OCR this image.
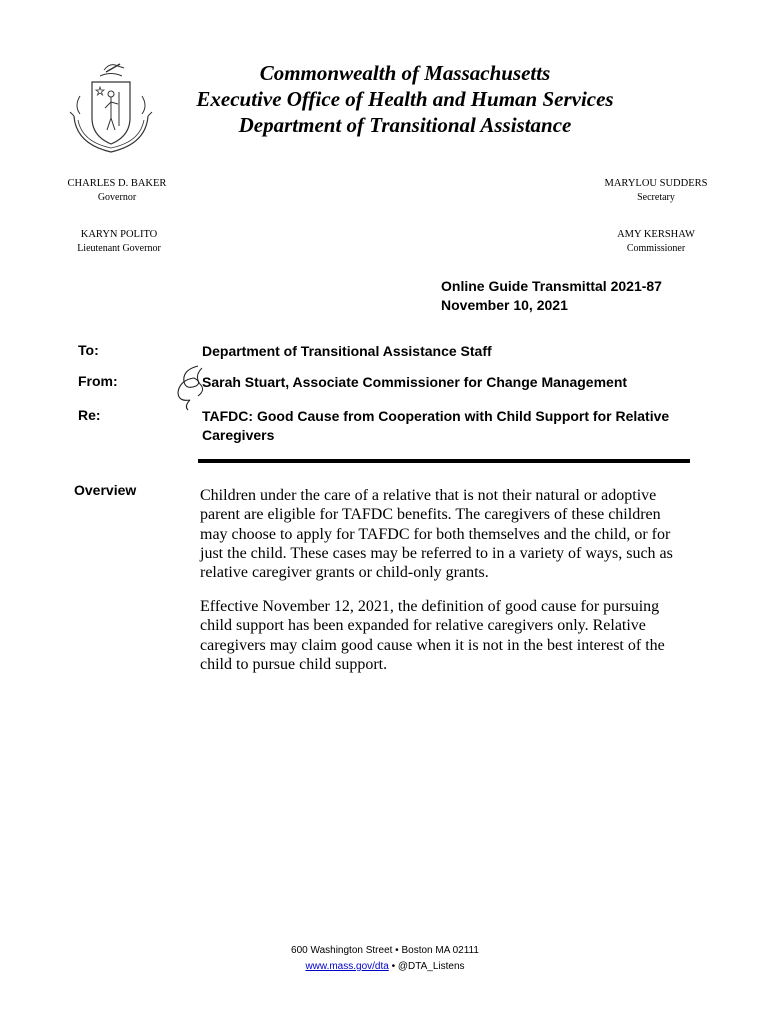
Commonwealth of Massachusetts
Executive Office of Health and Human Services
Department of Transitional Assistance
CHARLES D. BAKER
Governor
KARYN POLITO
Lieutenant Governor
MARYLOU SUDDERS
Secretary
AMY KERSHAW
Commissioner
Online Guide Transmittal 2021-87
November 10, 2021
To:	Department of Transitional Assistance Staff
From:	Sarah Stuart, Associate Commissioner for Change Management
Re:	TAFDC: Good Cause from Cooperation with Child Support for Relative Caregivers
Overview	Children under the care of a relative that is not their natural or adoptive parent are eligible for TAFDC benefits. The caregivers of these children may choose to apply for TAFDC for both themselves and the child, or for just the child. These cases may be referred to in a variety of ways, such as relative caregiver grants or child-only grants.

Effective November 12, 2021, the definition of good cause for pursuing child support has been expanded for relative caregivers only. Relative caregivers may claim good cause when it is not in the best interest of the child to pursue child support.

600 Washington Street • Boston MA 02111
www.mass.gov/dta • @DTA_Listens
